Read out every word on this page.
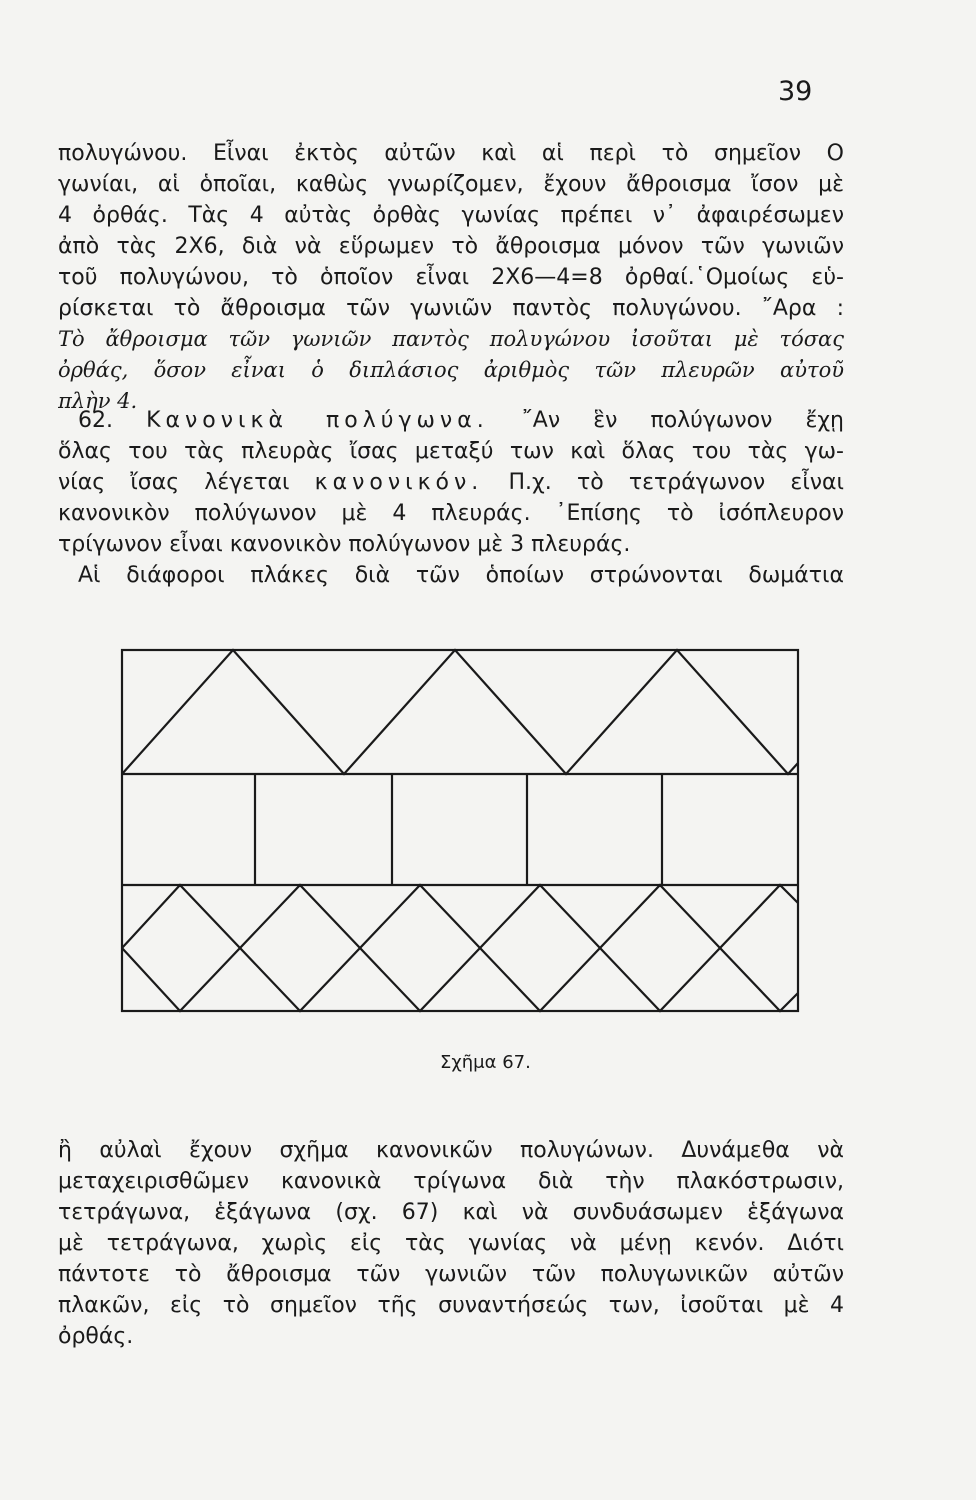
39
πολυγώνου. Εἶναι ἐκτὸς αὐτῶν καὶ αἱ περὶ τὸ σημεῖον Ο
γωνίαι, αἱ ὁποῖαι, καθὼς γνωρίζομεν, ἔχουν ἄθροισμα ἴσον μὲ
4 ὀρθάς. Τὰς 4 αὐτὰς ὀρθὰς γωνίας πρέπει ν᾿ ἀφαιρέσωμεν
ἀπὸ τὰς 2Χ6, διὰ νὰ εὕρωμεν τὸ ἄθροισμα μόνον τῶν γωνιῶν
τοῦ πολυγώνου, τὸ ὁποῖον εἶναι 2Χ6—4=8 ὀρθαί.῾Ομοίως εὑ-
ρίσκεται τὸ ἄθροισμα τῶν γωνιῶν παντὸς πολυγώνου. ῎Αρα :
Τὸ ἄθροισμα τῶν γωνιῶν παντὸς πολυγώνου ἰσοῦται μὲ τόσας
ὀρθάς, ὅσον εἶναι ὁ διπλάσιος ἀριθμὸς τῶν πλευρῶν αὐτοῦ
πλὴν 4.
62. Κανονικὰ πολύγωνα. ῎Αν ἓν πολύγωνον ἔχῃ
ὅλας του τὰς πλευρὰς ἴσας μεταξύ των καὶ ὅλας του τὰς γω-
νίας ἴσας λέγεται κανονικόν. Π.χ. τὸ τετράγωνον εἶναι
κανονικὸν πολύγωνον μὲ 4 πλευράς. ᾿Επίσης τὸ ἰσόπλευρον
τρίγωνον εἶναι κανονικὸν πολύγωνον μὲ 3 πλευράς.
Αἱ διάφοροι πλάκες διὰ τῶν ὁποίων στρώνονται δωμάτια
Σχῆμα 67.
ἢ αὐλαὶ ἔχουν σχῆμα κανονικῶν πολυγώνων. Δυνάμεθα νὰ
μεταχειρισθῶμεν κανονικὰ τρίγωνα διὰ τὴν πλακόστρωσιν,
τετράγωνα, ἑξάγωνα (σχ. 67) καὶ νὰ συνδυάσωμεν ἑξάγωνα
μὲ τετράγωνα, χωρὶς εἰς τὰς γωνίας νὰ μένῃ κενόν. Διότι
πάντοτε τὸ ἄθροισμα τῶν γωνιῶν τῶν πολυγωνικῶν αὐτῶν
πλακῶν, εἰς τὸ σημεῖον τῆς συναντήσεώς των, ἰσοῦται μὲ 4
ὀρθάς.
